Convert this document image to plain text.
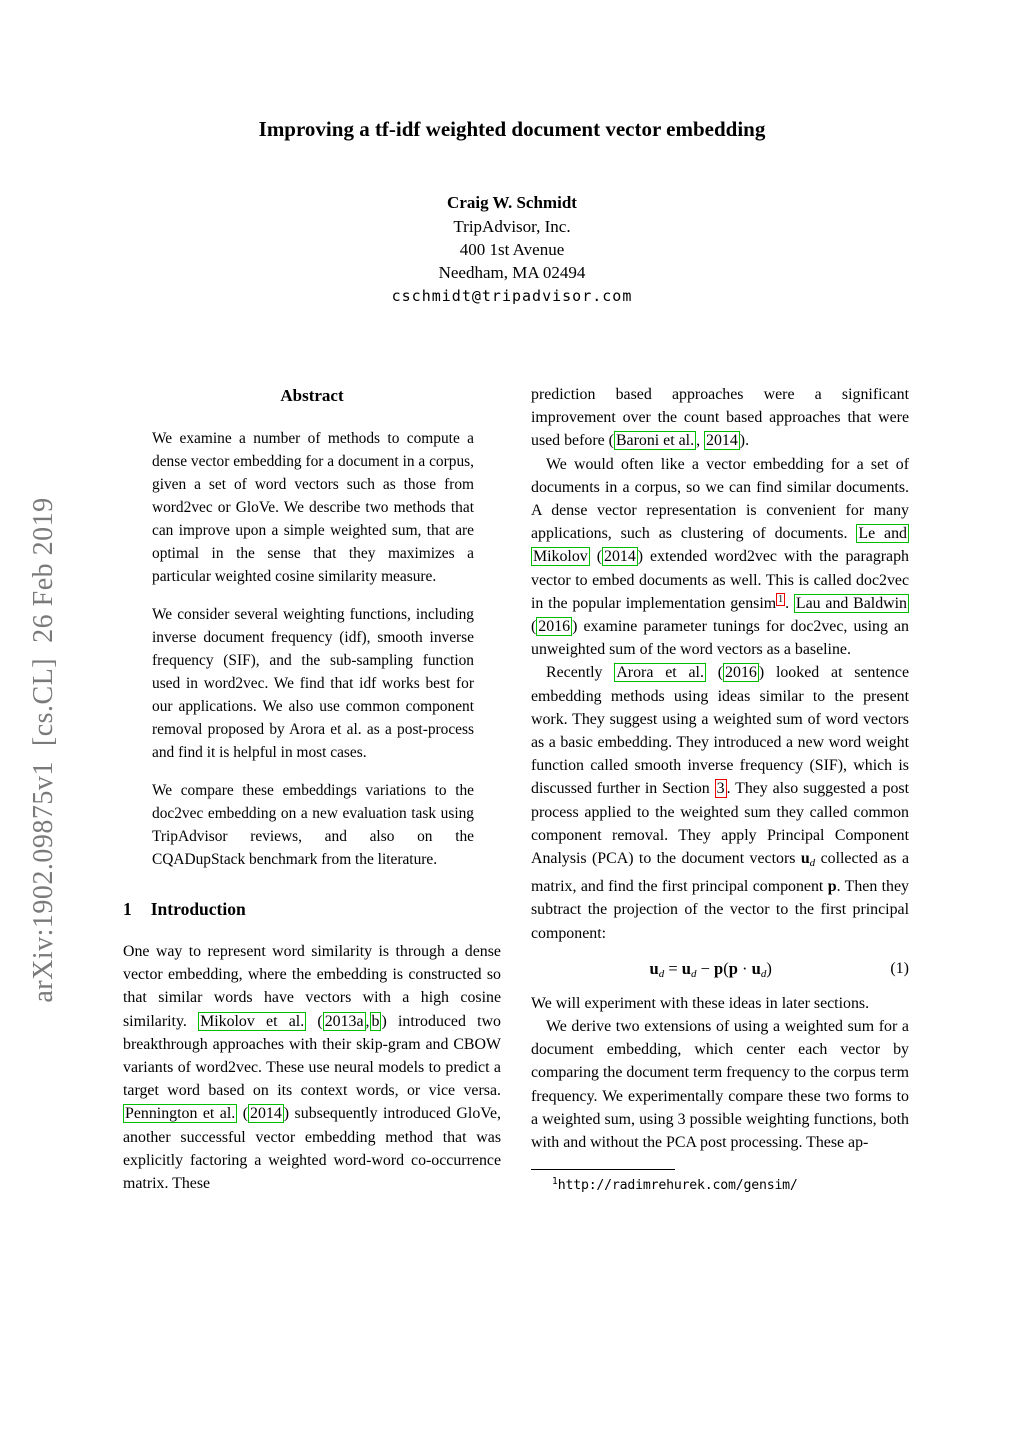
arXiv:1902.09875v1  [cs.CL]  26 Feb 2019
Improving a tf-idf weighted document vector embedding
Craig W. Schmidt
TripAdvisor, Inc.
400 1st Avenue
Needham, MA 02494
cschmidt@tripadvisor.com
Abstract

We examine a number of methods to compute a dense vector embedding for a document in a corpus, given a set of word vectors such as those from word2vec or GloVe. We describe two methods that can improve upon a simple weighted sum, that are optimal in the sense that they maximizes a particular weighted cosine similarity measure.

We consider several weighting functions, including inverse document frequency (idf), smooth inverse frequency (SIF), and the sub-sampling function used in word2vec. We find that idf works best for our applications. We also use common component removal proposed by Arora et al. as a post-process and find it is helpful in most cases.

We compare these embeddings variations to the doc2vec embedding on a new evaluation task using TripAdvisor reviews, and also on the CQADupStack benchmark from the literature.

1 Introduction

One way to represent word similarity is through a dense vector embedding, where the embedding is constructed so that similar words have vectors with a high cosine similarity. Mikolov et al. ( 2013a , b ) introduced two breakthrough approaches with their skip-gram and CBOW variants of word2vec. These use neural models to predict a target word based on its context words, or vice versa. Pennington et al. ( 2014 ) subsequently introduced GloVe, another successful vector embedding method that was explicitly factoring a weighted word-word co-occurrence matrix. These

prediction based approaches were a significant improvement over the count based approaches that were used before ( Baroni et al. , 2014 ).

We would often like a vector embedding for a set of documents in a corpus, so we can find similar documents. A dense vector representation is convenient for many applications, such as clustering of documents. Le and Mikolov ( 2014 ) extended word2vec with the paragraph vector to embed documents as well. This is called doc2vec in the popular implementation gensim $^1$ . Lau and Baldwin ( 2016 ) examine parameter tunings for doc2vec, using an unweighted sum of the word vectors as a baseline.

Recently Arora et al. ( 2016 ) looked at sentence embedding methods using ideas similar to the present work. They suggest using a weighted sum of word vectors as a basic embedding. They introduced a new word weight function called smooth inverse frequency (SIF), which is discussed further in Section 3 . They also suggested a post process applied to the weighted sum they called common component removal. They apply Principal Component Analysis (PCA) to the document vectors ud collected as a matrix, and find the first principal component p. Then they subtract the projection of the vector to the first principal component:

ud = ud − p(p · ud)	(1)

We will experiment with these ideas in later sections.

We derive two extensions of using a weighted sum for a document embedding, which center each vector by comparing the document term frequency to the corpus term frequency. We experimentally compare these two forms to a weighted sum, using 3 possible weighting functions, both with and without the PCA post processing. These ap-

$^1$http://radimrehurek.com/gensim/
